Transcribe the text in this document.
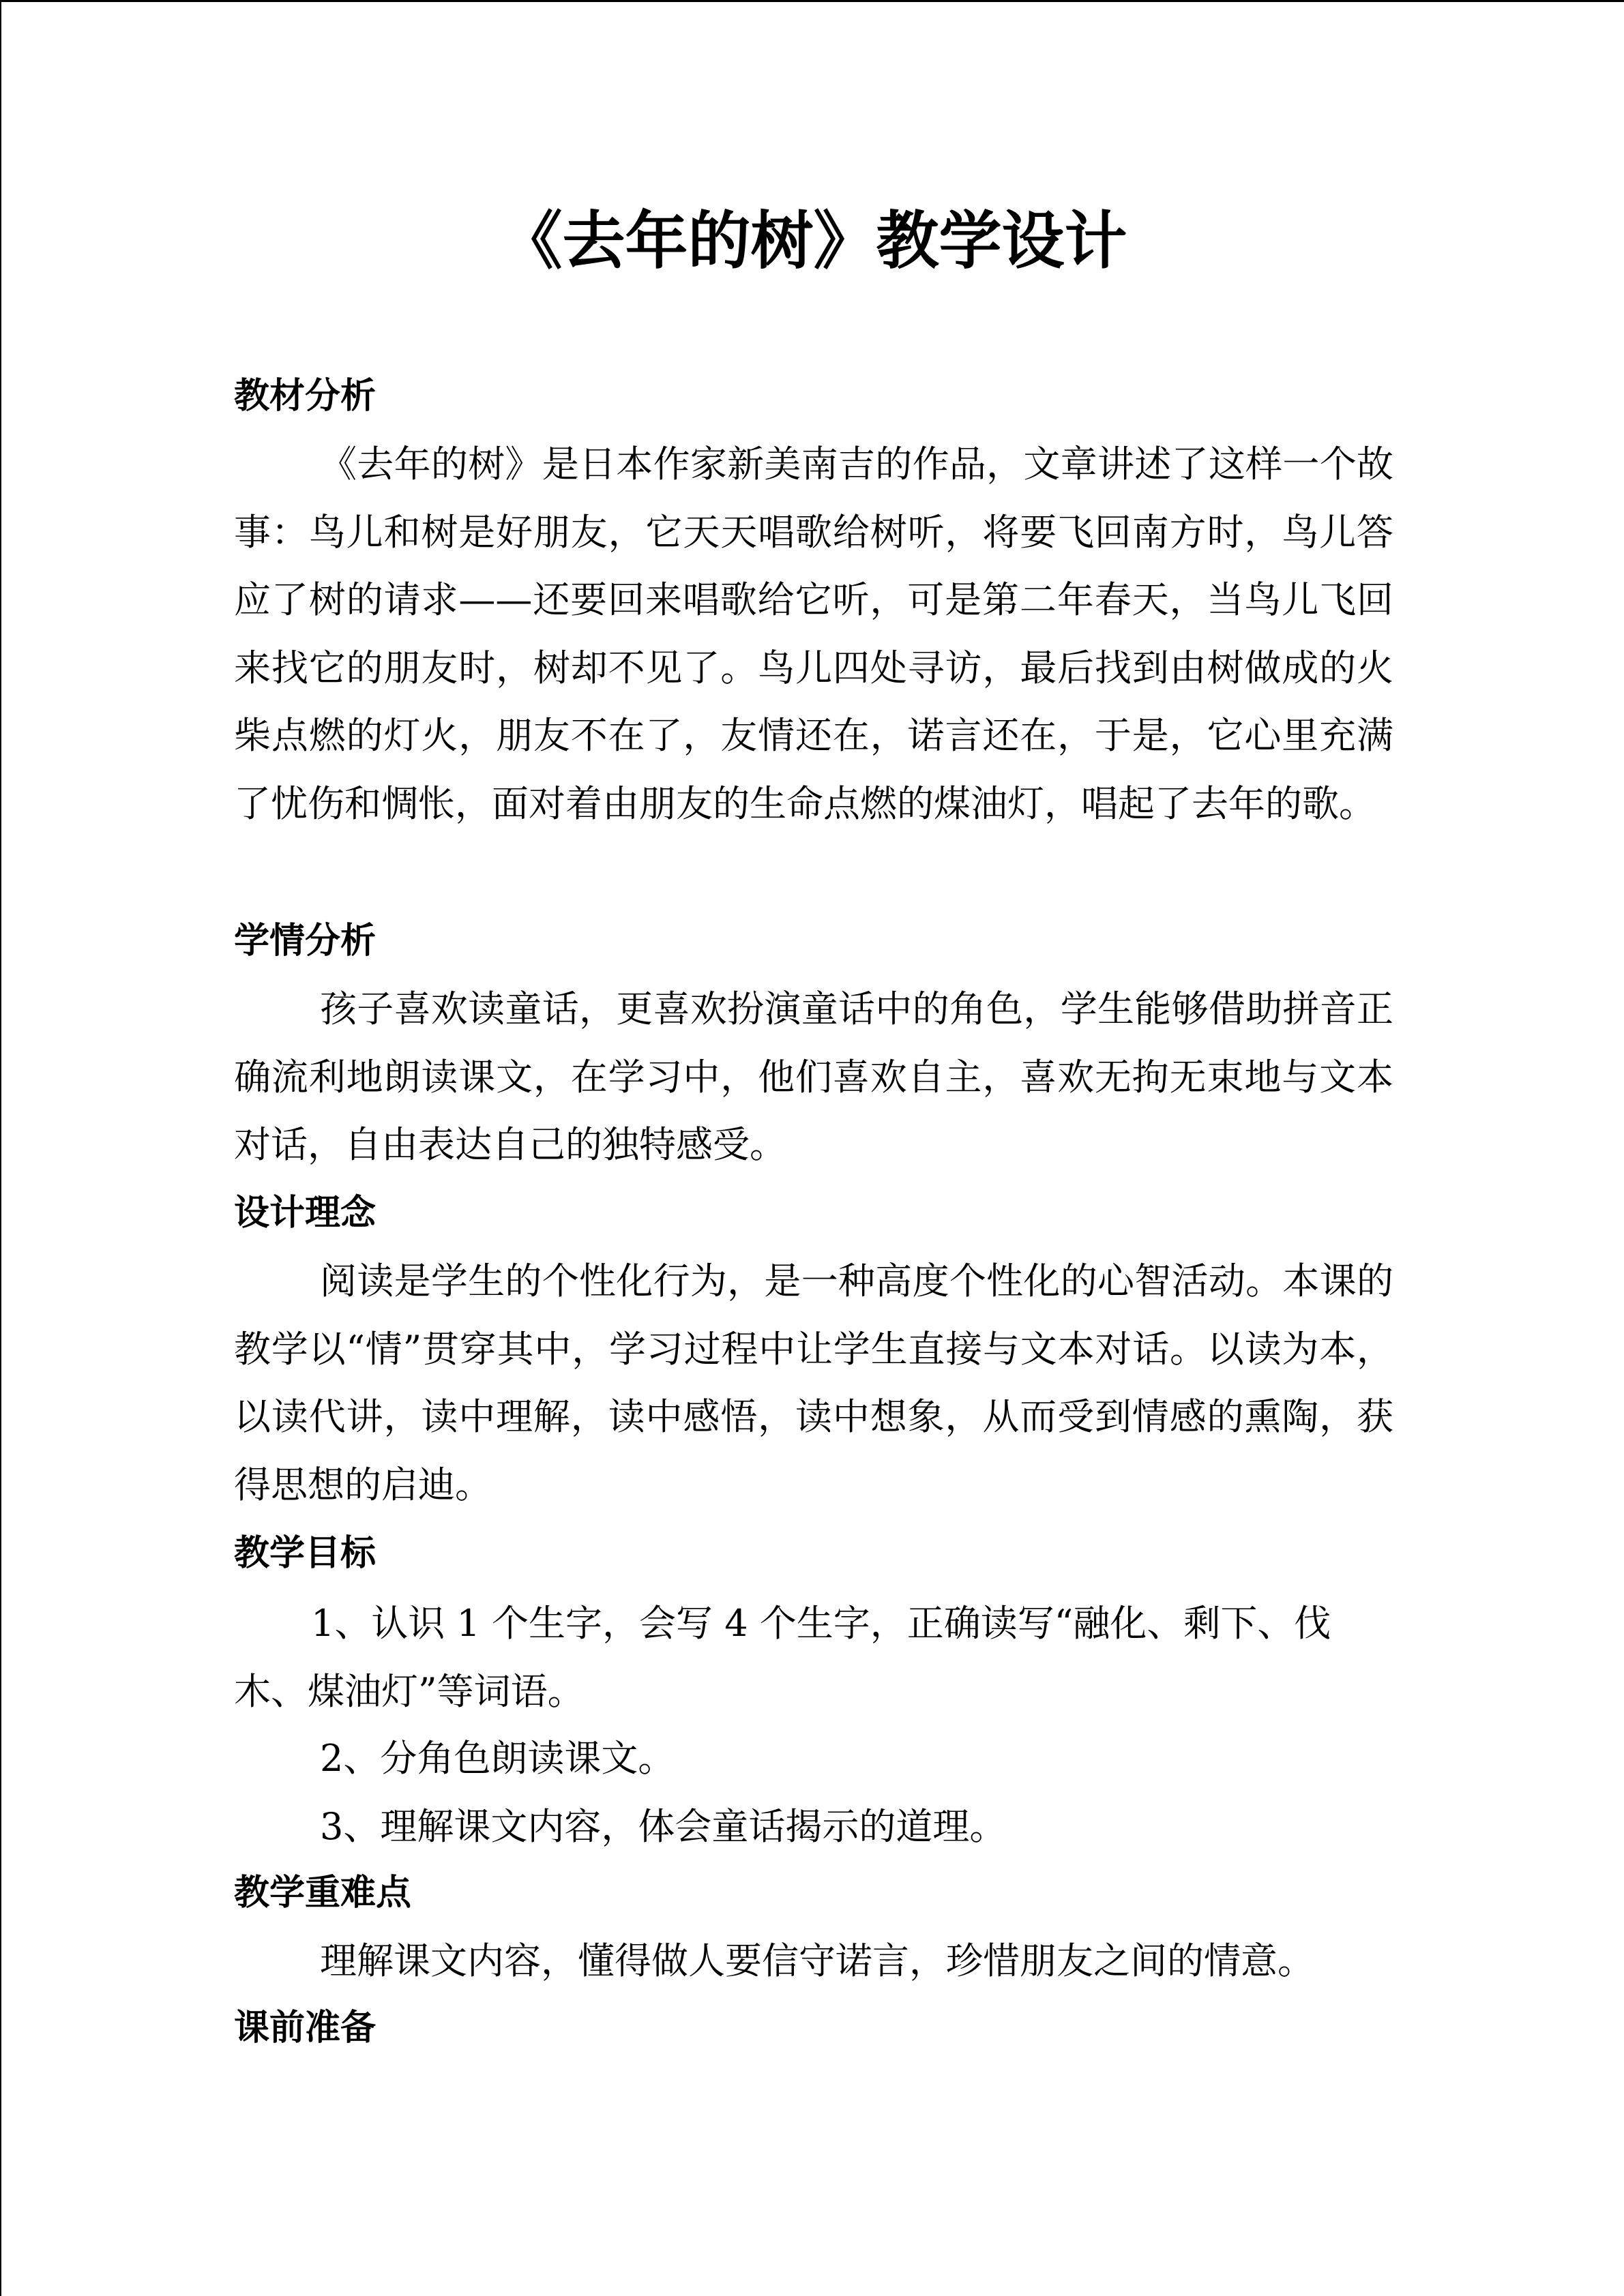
《去年的树》教学设计
教材分析
《去年的树》是日本作家新美南吉的作品，文章讲述了这样一个故事：鸟儿和树是好朋友，它天天唱歌给树听，将要飞回南方时，鸟儿答应了树的请求——还要回来唱歌给它听，可是第二年春天，当鸟儿飞回来找它的朋友时，树却不见了。鸟儿四处寻访，最后找到由树做成的火柴点燃的灯火，朋友不在了，友情还在，诺言还在，于是，它心里充满了忧伤和惆怅，面对着由朋友的生命点燃的煤油灯，唱起了去年的歌。
学情分析
孩子喜欢读童话，更喜欢扮演童话中的角色，学生能够借助拼音正确流利地朗读课文，在学习中，他们喜欢自主，喜欢无拘无束地与文本对话，自由表达自己的独特感受。
设计理念
阅读是学生的个性化行为，是一种高度个性化的心智活动。本课的教学以“情”贯穿其中，学习过程中让学生直接与文本对话。以读为本，以读代讲，读中理解，读中感悟，读中想象，从而受到情感的熏陶，获得思想的启迪。
教学目标
1、认识 1 个生字，会写 4 个生字，正确读写“融化、剩下、伐
木、煤油灯”等词语。
2、分角色朗读课文。
3、理解课文内容，体会童话揭示的道理。
教学重难点
理解课文内容，懂得做人要信守诺言，珍惜朋友之间的情意。
课前准备
